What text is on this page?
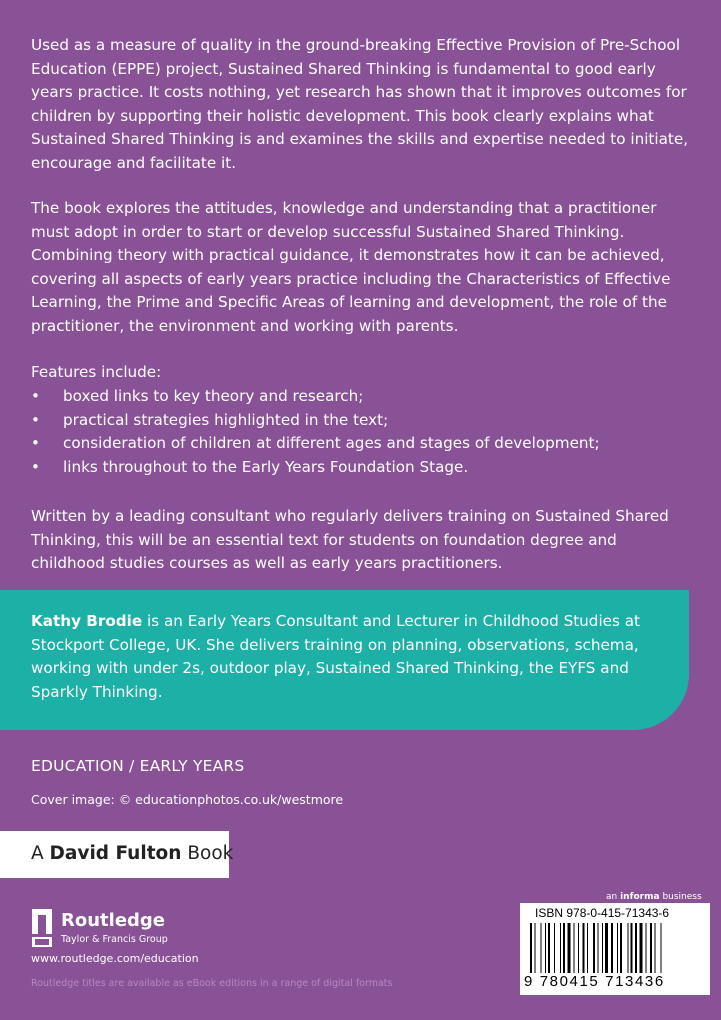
Used as a measure of quality in the ground-breaking Effective Provision of Pre-School Education (EPPE) project, Sustained Shared Thinking is fundamental to good early years practice. It costs nothing, yet research has shown that it improves outcomes for children by supporting their holistic development. This book clearly explains what Sustained Shared Thinking is and examines the skills and expertise needed to initiate, encourage and facilitate it.

The book explores the attitudes, knowledge and understanding that a practitioner must adopt in order to start or develop successful Sustained Shared Thinking. Combining theory with practical guidance, it demonstrates how it can be achieved, covering all aspects of early years practice including the Characteristics of Effective Learning, the Prime and Specific Areas of learning and development, the role of the practitioner, the environment and working with parents.

Features include:

• boxed links to key theory and research;
• practical strategies highlighted in the text;
• consideration of children at different ages and stages of development;
• links throughout to the Early Years Foundation Stage.

Written by a leading consultant who regularly delivers training on Sustained Shared Thinking, this will be an essential text for students on foundation degree and childhood studies courses as well as early years practitioners.

Kathy Brodie is an Early Years Consultant and Lecturer in Childhood Studies at Stockport College, UK. She delivers training on planning, observations, schema, working with under 2s, outdoor play, Sustained Shared Thinking, the EYFS and Sparkly Thinking.

EDUCATION / EARLY YEARS
Cover image: © educationphotos.co.uk/westmore
A David Fulton Book
Routledge
Taylor & Francis Group
www.routledge.com/education
Routledge titles are available as eBook editions in a range of digital formats
an informa business
ISBN 978-0-415-71343-6
9 780415 713436
